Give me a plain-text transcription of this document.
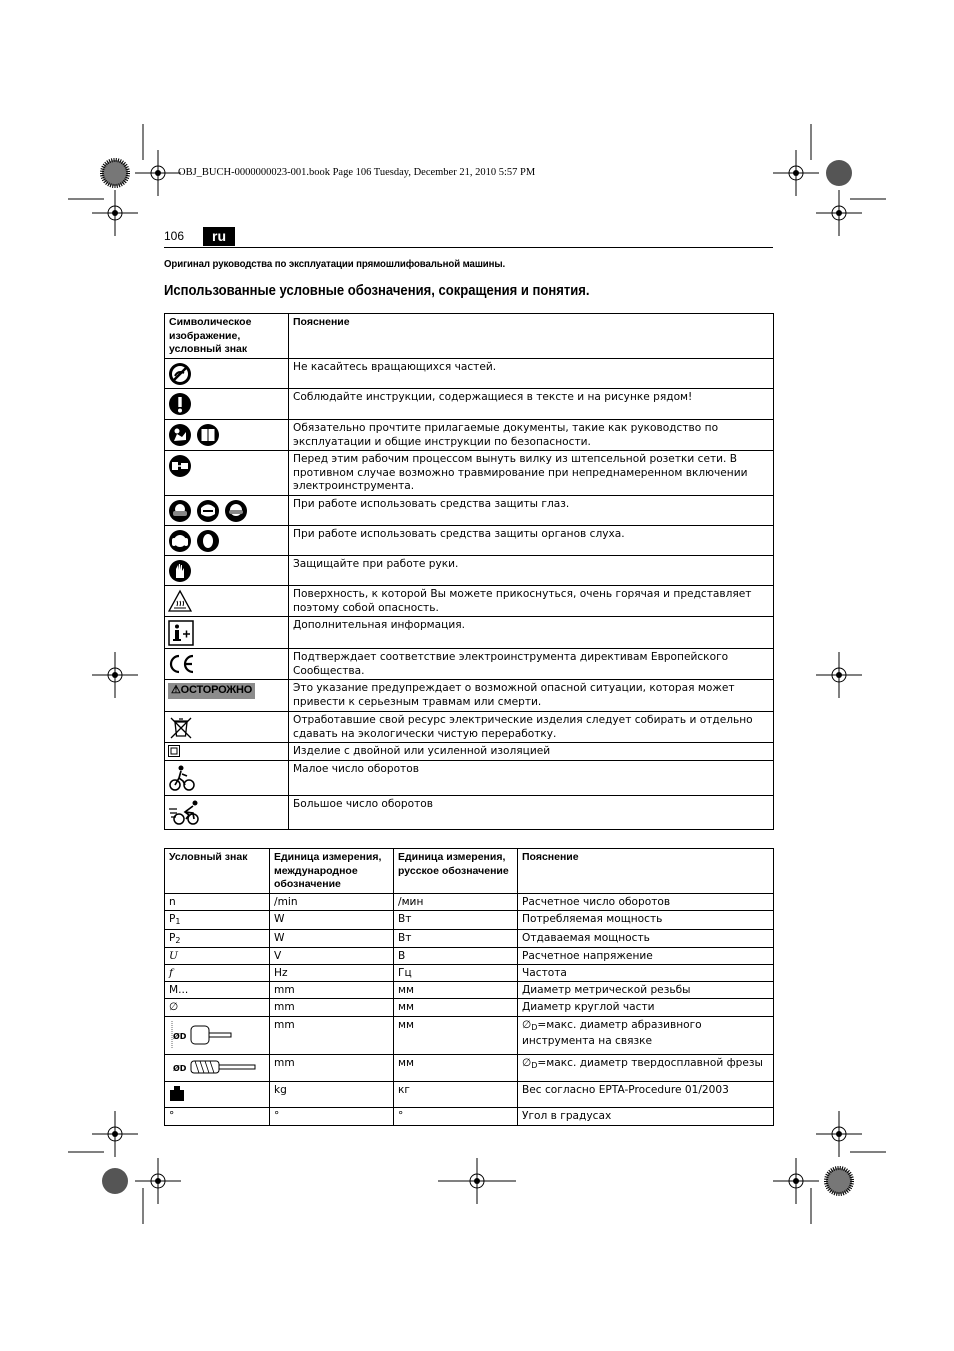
OBJ_BUCH-0000000023-001.book Page 106 Tuesday, December 21, 2010 5:57 PM
106	ru
Оригинал руководства по эксплуатации прямошлифовальной машины.
Использованные условные обозначения, сокращения и понятия.
Символическое изображение, условный знак	Пояснение
	Не касайтесь вращающихся частей.
	Соблюдайте инструкции, содержащиеся в тексте и на рисунке рядом!
	Обязательно прочтите прилагаемые документы, такие как руководство по эксплуатации и общие инструкции по безопасности.
	Перед этим рабочим процессом вынуть вилку из штепсельной розетки сети. В противном случае возможно травмирование при непреднамеренном включении электроинструмента.
	При работе использовать средства защиты глаз.
	При работе использовать средства защиты органов слуха.
	Защищайте при работе руки.
	Поверхность, к которой Вы можете прикоснуться, очень горячая и представляет поэтому собой опасность.
	Дополнительная информация.
	Подтверждает соответствие электроинструмента директивам Европейского Сообщества.
⚠ОСТОРОЖНО	Это указание предупреждает о возможной опасной ситуации, которая может привести к серьезным травмам или смерти.
	Отработавшие свой ресурс электрические изделия следует собирать и отдельно сдавать на экологически чистую переработку.
	Изделие с двойной или усиленной изоляцией
	Малое число оборотов
	Большое число оборотов
Условный знак	Единица измерения, международное обозначение	Единица измерения, русское обозначение	Пояснение
n	/min	/мин	Расчетное число оборотов
$P_1$	W	Вт	Потребляемая мощность
$P_2$	W	Вт	Отдаваемая мощность
U	V	В	Расчетное напряжение
f	Hz	Гц	Частота
M...	mm	мм	Диаметр метрической резьбы
∅	mm	мм	Диаметр круглой части

ØD	mm	мм	$\emptyset_D=макс$. диаметр абразивного инструмента на связке

ØD	mm	мм	$\emptyset_D=макс$. диаметр твердосплавной фрезы
	kg	кг	Вес согласно EPTA-Procedure 01/2003
°	°	°	Угол в градусах
